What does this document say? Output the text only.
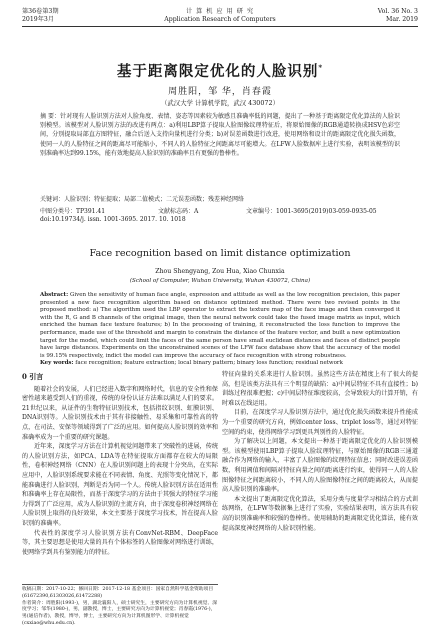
第36卷第3期
2019年3月
计 算 机 应 用 研 究
Application Research of Computers
Vol. 36 No. 3
Mar. 2019
基于距离限定优化的人脸识别*
周胜阳，邹 华，肖春霞
（武汉大学 计算机学院，武汉 430072）
摘 要：针对现有人脸识别方法对人脸角度、表情、姿态等因素较为敏感且准确率低的问题，提出了一种基于距离限定优化算法的人脸识别模型。该模型对人脸识别方法的改进有两点：a)利用LBP算子提取人脸图像纹理特征后，将原始图像的RGB通道转换成HSV色彩空间，分别提取局部直方图特征，融合后送入支持向量机进行分类；b)对误差函数进行改进，使用网络和设计的距离限定优化损失函数，使同一人的人脸特征之间的距离尽可能缩小，不同人的人脸特征之间距离尽可能增大。在LFW人脸数据库上进行实验，表明该模型的识别准确率达到99.15%，能有效地提高人脸识别的准确率且有更强的鲁棒性。
关键词：人脸识别；特征提取；局部二值模式；二元误差函数；残差神经网络
中图分类号：TP391.41	文献标志码：A	文章编号：1001-3695(2019)03-059-0935-05
doi:10.19734/j. issn. 1001-3695. 2017. 10. 1018
Face recognition based on limit distance optimization
Zhou Shengyang, Zou Hua, Xiao Chunxia
(School of Computer, Wuhan University, Wuhan 430072, China)
Abstract: Given the sensitivity of human face angle, expression and attitude as well as the low recognition precision, this paper presented a new face recognition algorithm based on distance optimized method. There were two revised points in the proposed method: a) The algorithm used the LBP operator to extract the texture map of the face image and then converged it with the R, G and B channels of the original image, then the neural network could take the fused image matrix as input, which enriched the human face texture features; b) In the processing of training, it reconstructed the loss function to improve the performance, made use of the threshold and margin to constrain the distance of the feature vector, and built a new optimization target for the model, which could limit the faces of the same person have small euclidean distances and faces of distinct people have large distances. Experiments on the unconstrained scenes of the LFW face database show that the accuracy of the model is 99.15% respectively, indict the model can improve the accuracy of face recognition with strong robustness.
Key words: face recognition; feature extraction; local binary pattern; binary loss function; residual network
0 引言

随着社会的发展，人们已经进入数字和网络时代，信息的安全性和保密性越来越受到人们的重视，传统的身份认证方法难以满足人们的要求。21世纪以来，从证件的生物特征识别技术，包括指纹识别、虹膜识别、DNA识别等。人脸识别技术由于其有非接触性、易采集和可靠性高的特点，在司法、安保等领域得到了广泛的应用。如何提高人脸识别的效率和准确率成为一个重要的研究课题。

近年来，深度学习方法在计算机视觉问题带来了突破性的进展，传统的人脸识别方法，如PCA、LDA等在特征提取方面都存在较大的局限性，卷积神经网络（CNN）在人脸识别问题上的表现十分突出，在实际应用中，人脸识别系统要求能在不同表情、角度、光照等变化情况下，都能准确进行人脸识别，判断是否为同一个人。传统人脸识别方法在适用性和准确率上存在局限性，而基于深度学习的方法由于其强大的特征学习能力得到了广泛应用，成为人脸识别的主流方向，由于深度卷积神经网络在人脸识别上取得的良好效果，本文主要基于深度学习技术，旨在提高人脸识别的准确率。

代表性的深度学习人脸识别方法有ConvNet-RBM、DeepFace等，其主要思想是使用大量的具有个体标签的人脸图像对网络进行训练，使网络学到具有鉴别能力的特征。

特征向量的关系来进行人脸识别。虽然这些方法在精度上有了很大的提高，但是该类方法具有三个明显的缺陷：a)中间层特征不具有直接性；b)训练过程很难把握；c)中间层特征维度较高，会导致较大的计算开销，有时难以在线运用。

目前，在深度学习人脸识别方法中，通过优化损失函数来提升性能成为一个重要的研究方向，例如center loss、triplet loss等，通过对特征空间的约束，使得网络学习到更具判别性的人脸特征。

为了解决以上问题，本文提出一种基于距离限定优化的人脸识别模型。该模型使用LBP算子提取人脸纹理特征，与原始图像的RGB三通道融合作为网络的输入，丰富了人脸图像的纹理特征信息；同时改进误差函数，利用阈值和间隔对特征向量之间的距离进行约束，使得同一人的人脸图像特征之间距离较小，不同人的人脸图像特征之间的距离较大，从而提高人脸识别的准确率。

本文提出了距离限定优化算法，采用分类与度量学习相结合的方式训练网络，在LFW等数据集上进行了实验，实验结果表明，该方法具有较高的识别准确率和较强的鲁棒性。使用辅助的距离限定优化算法，能有效提高深度神经网络的人脸识别性能。

收稿日期：2017-10-22；修回日期：2017-12-18 基金项目：国家自然科学基金资助项目(61672390,61303026,61472288)
作者简介：周胜阳(1993-)，男，湖北襄阳人，硕士研究生，主要研究方向为计算机视觉、深度学习；邹华(1980-)，男，副教授，博士，主要研究方向为计算机视觉；肖春霞(1976-)，男(通信作者)，教授，博导，博士，主要研究方向为计算机图形学、计算机视觉(cxxiao@whu.edu.cn).
